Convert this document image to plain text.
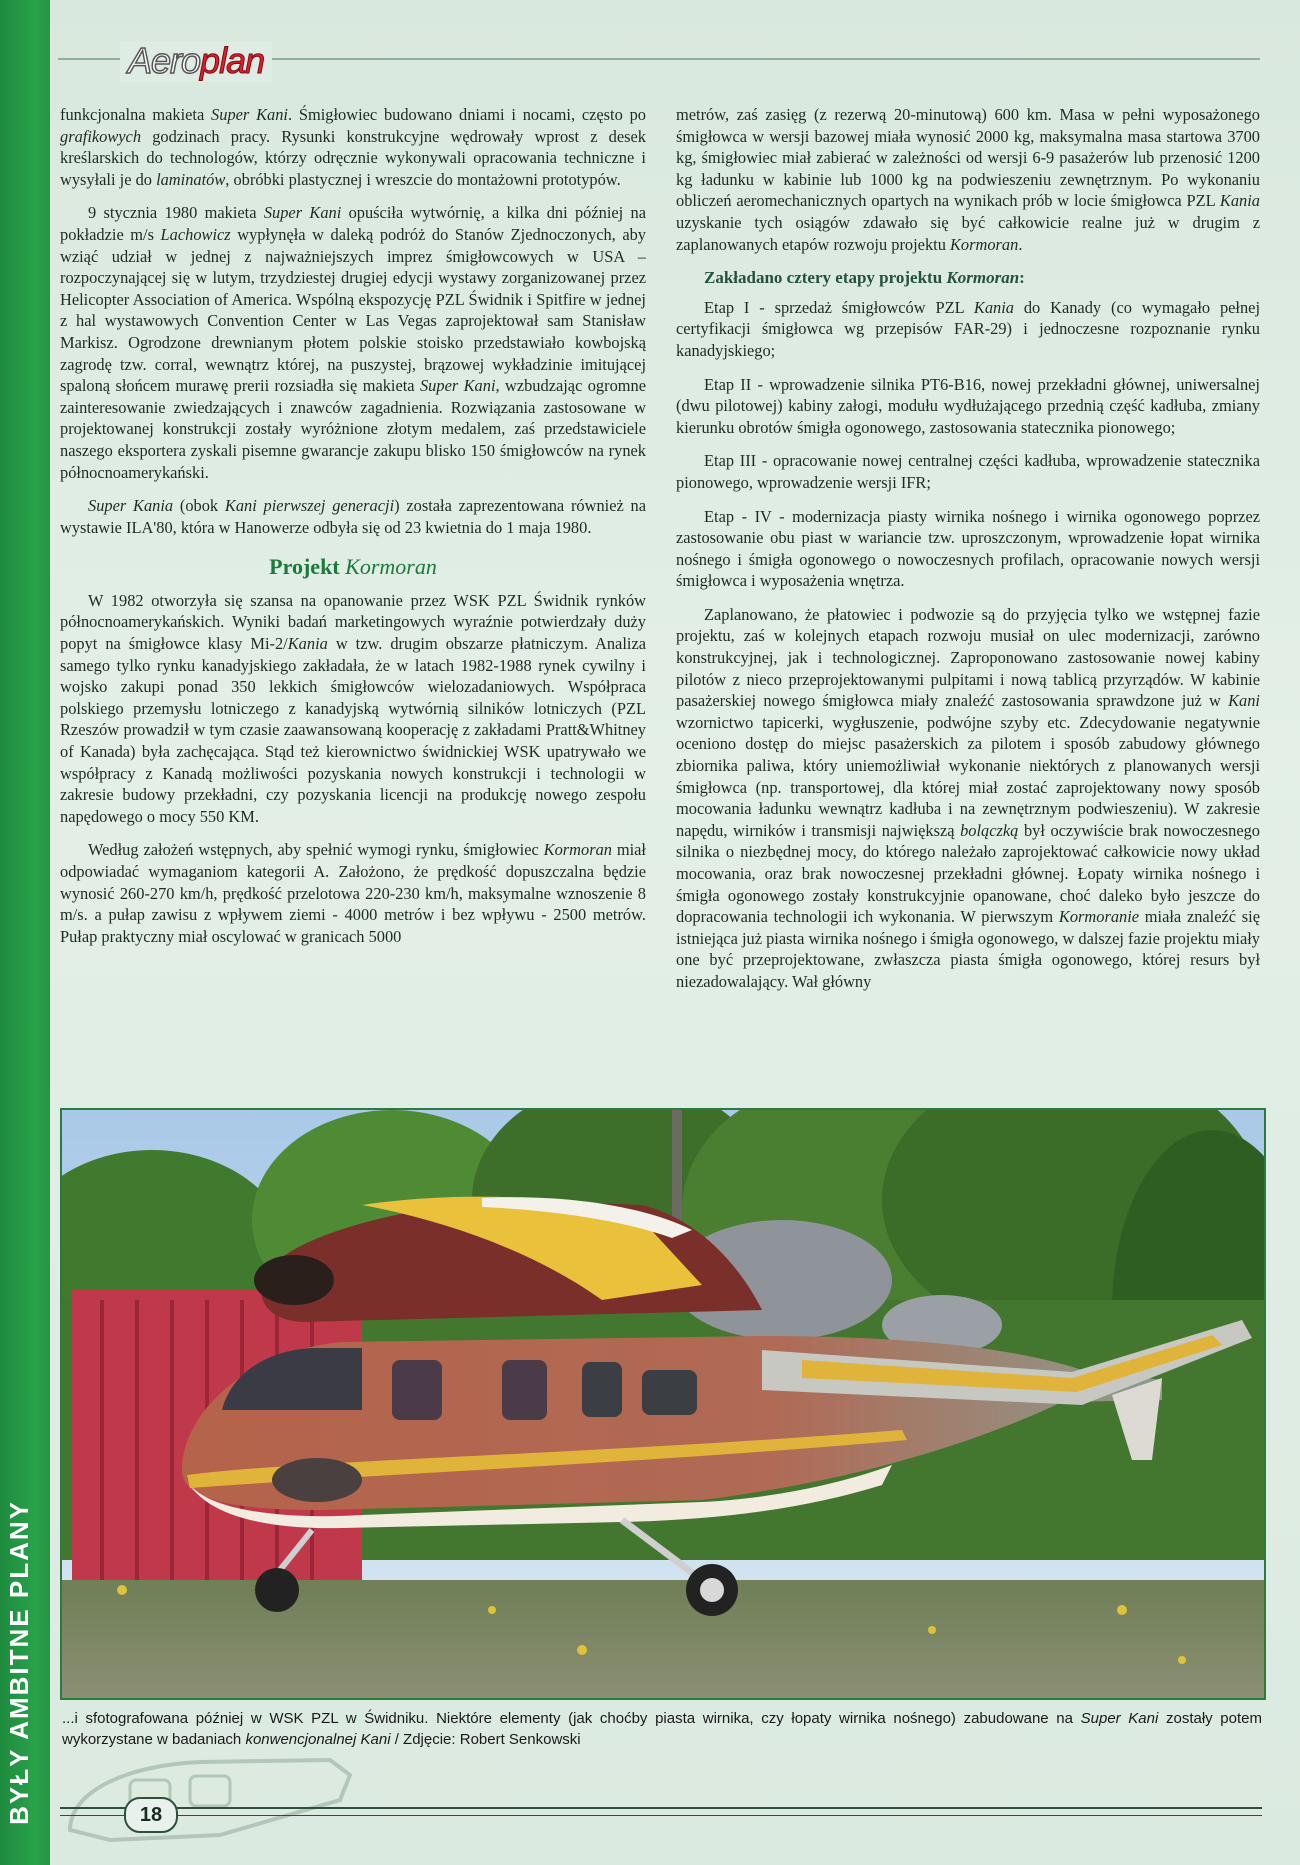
BYŁY AMBITNE PLANY
Aeroplan

funkcjonalna makieta Super Kani. Śmigłowiec budowano dniami i nocami, często po grafikowych godzinach pracy. Rysunki konstrukcyjne wędrowały wprost z desek kreślarskich do technologów, którzy odręcznie wykonywali opracowania techniczne i wysyłali je do laminatów, obróbki plastycznej i wreszcie do montażowni prototypów.

9 stycznia 1980 makieta Super Kani opuściła wytwórnię, a kilka dni później na pokładzie m/s Lachowicz wypłynęła w daleką podróż do Stanów Zjednoczonych, aby wziąć udział w jednej z najważniejszych imprez śmigłowcowych w USA – rozpoczynającej się w lutym, trzydziestej drugiej edycji wystawy zorganizowanej przez Helicopter Association of America. Wspólną ekspozycję PZL Świdnik i Spitfire w jednej z hal wystawowych Convention Center w Las Vegas zaprojektował sam Stanisław Markisz. Ogrodzone drewnianym płotem polskie stoisko przedstawiało kowbojską zagrodę tzw. corral, wewnątrz której, na puszystej, brązowej wykładzinie imitującej spaloną słońcem murawę prerii rozsiadła się makieta Super Kani, wzbudzając ogromne zainteresowanie zwiedzających i znawców zagadnienia. Rozwiązania zastosowane w projektowanej konstrukcji zostały wyróżnione złotym medalem, zaś przedstawiciele naszego eksportera zyskali pisemne gwarancje zakupu blisko 150 śmigłowców na rynek północnoamerykański.

Super Kania (obok Kani pierwszej generacji) została zaprezentowana również na wystawie ILA'80, która w Hanowerze odbyła się od 23 kwietnia do 1 maja 1980.

Projekt Kormoran

W 1982 otworzyła się szansa na opanowanie przez WSK PZL Świdnik rynków północnoamerykańskich. Wyniki badań marketingowych wyraźnie potwierdzały duży popyt na śmigłowce klasy Mi-2/Kania w tzw. drugim obszarze płatniczym. Analiza samego tylko rynku kanadyjskiego zakładała, że w latach 1982-1988 rynek cywilny i wojsko zakupi ponad 350 lekkich śmigłowców wielozadaniowych. Współpraca polskiego przemysłu lotniczego z kanadyjską wytwórnią silników lotniczych (PZL Rzeszów prowadził w tym czasie zaawansowaną kooperację z zakładami Pratt&Whitney of Kanada) była zachęcająca. Stąd też kierownictwo świdnickiej WSK upatrywało we współpracy z Kanadą możliwości pozyskania nowych konstrukcji i technologii w zakresie budowy przekładni, czy pozyskania licencji na produkcję nowego zespołu napędowego o mocy 550 KM.

Według założeń wstępnych, aby spełnić wymogi rynku, śmigłowiec Kormoran miał odpowiadać wymaganiom kategorii A. Założono, że prędkość dopuszczalna będzie wynosić 260-270 km/h, prędkość przelotowa 220-230 km/h, maksymalne wznoszenie 8 m/s. a pułap zawisu z wpływem ziemi - 4000 metrów i bez wpływu - 2500 metrów. Pułap praktyczny miał oscylować w granicach 5000

metrów, zaś zasięg (z rezerwą 20-minutową) 600 km. Masa w pełni wyposażonego śmigłowca w wersji bazowej miała wynosić 2000 kg, maksymalna masa startowa 3700 kg, śmigłowiec miał zabierać w zależności od wersji 6-9 pasażerów lub przenosić 1200 kg ładunku w kabinie lub 1000 kg na podwieszeniu zewnętrznym. Po wykonaniu obliczeń aeromechanicznych opartych na wynikach prób w locie śmigłowca PZL Kania uzyskanie tych osiągów zdawało się być całkowicie realne już w drugim z zaplanowanych etapów rozwoju projektu Kormoran.

Zakładano cztery etapy projektu Kormoran:

Etap I - sprzedaż śmigłowców PZL Kania do Kanady (co wymagało pełnej certyfikacji śmigłowca wg przepisów FAR-29) i jednoczesne rozpoznanie rynku kanadyjskiego;

Etap II - wprowadzenie silnika PT6-B16, nowej przekładni głównej, uniwersalnej (dwu pilotowej) kabiny załogi, modułu wydłużającego przednią część kadłuba, zmiany kierunku obrotów śmigła ogonowego, zastosowania statecznika pionowego;

Etap III - opracowanie nowej centralnej części kadłuba, wprowadzenie statecznika pionowego, wprowadzenie wersji IFR;

Etap - IV - modernizacja piasty wirnika nośnego i wirnika ogonowego poprzez zastosowanie obu piast w wariancie tzw. uproszczonym, wprowadzenie łopat wirnika nośnego i śmigła ogonowego o nowoczesnych profilach, opracowanie nowych wersji śmigłowca i wyposażenia wnętrza.

Zaplanowano, że płatowiec i podwozie są do przyjęcia tylko we wstępnej fazie projektu, zaś w kolejnych etapach rozwoju musiał on ulec modernizacji, zarówno konstrukcyjnej, jak i technologicznej. Zaproponowano zastosowanie nowej kabiny pilotów z nieco przeprojektowanymi pulpitami i nową tablicą przyrządów. W kabinie pasażerskiej nowego śmigłowca miały znaleźć zastosowania sprawdzone już w Kani wzornictwo tapicerki, wygłuszenie, podwójne szyby etc. Zdecydowanie negatywnie oceniono dostęp do miejsc pasażerskich za pilotem i sposób zabudowy głównego zbiornika paliwa, który uniemożliwiał wykonanie niektórych z planowanych wersji śmigłowca (np. transportowej, dla której miał zostać zaprojektowany nowy sposób mocowania ładunku wewnątrz kadłuba i na zewnętrznym podwieszeniu). W zakresie napędu, wirników i transmisji największą bolączką był oczywiście brak nowoczesnego silnika o niezbędnej mocy, do którego należało zaprojektować całkowicie nowy układ mocowania, oraz brak nowoczesnej przekładni głównej. Łopaty wirnika nośnego i śmigła ogonowego zostały konstrukcyjnie opanowane, choć daleko było jeszcze do dopracowania technologii ich wykonania. W pierwszym Kormoranie miała znaleźć się istniejąca już piasta wirnika nośnego i śmigła ogonowego, w dalszej fazie projektu miały one być przeprojektowane, zwłaszcza piasta śmigła ogonowego, której resurs był niezadowalający. Wał główny

...i sfotografowana później w WSK PZL w Świdniku. Niektóre elementy (jak choćby piasta wirnika, czy łopaty wirnika nośnego) zabudowane na Super Kani zostały potem wykorzystane w badaniach konwencjonalnej Kani / Zdjęcie: Robert Senkowski
18
